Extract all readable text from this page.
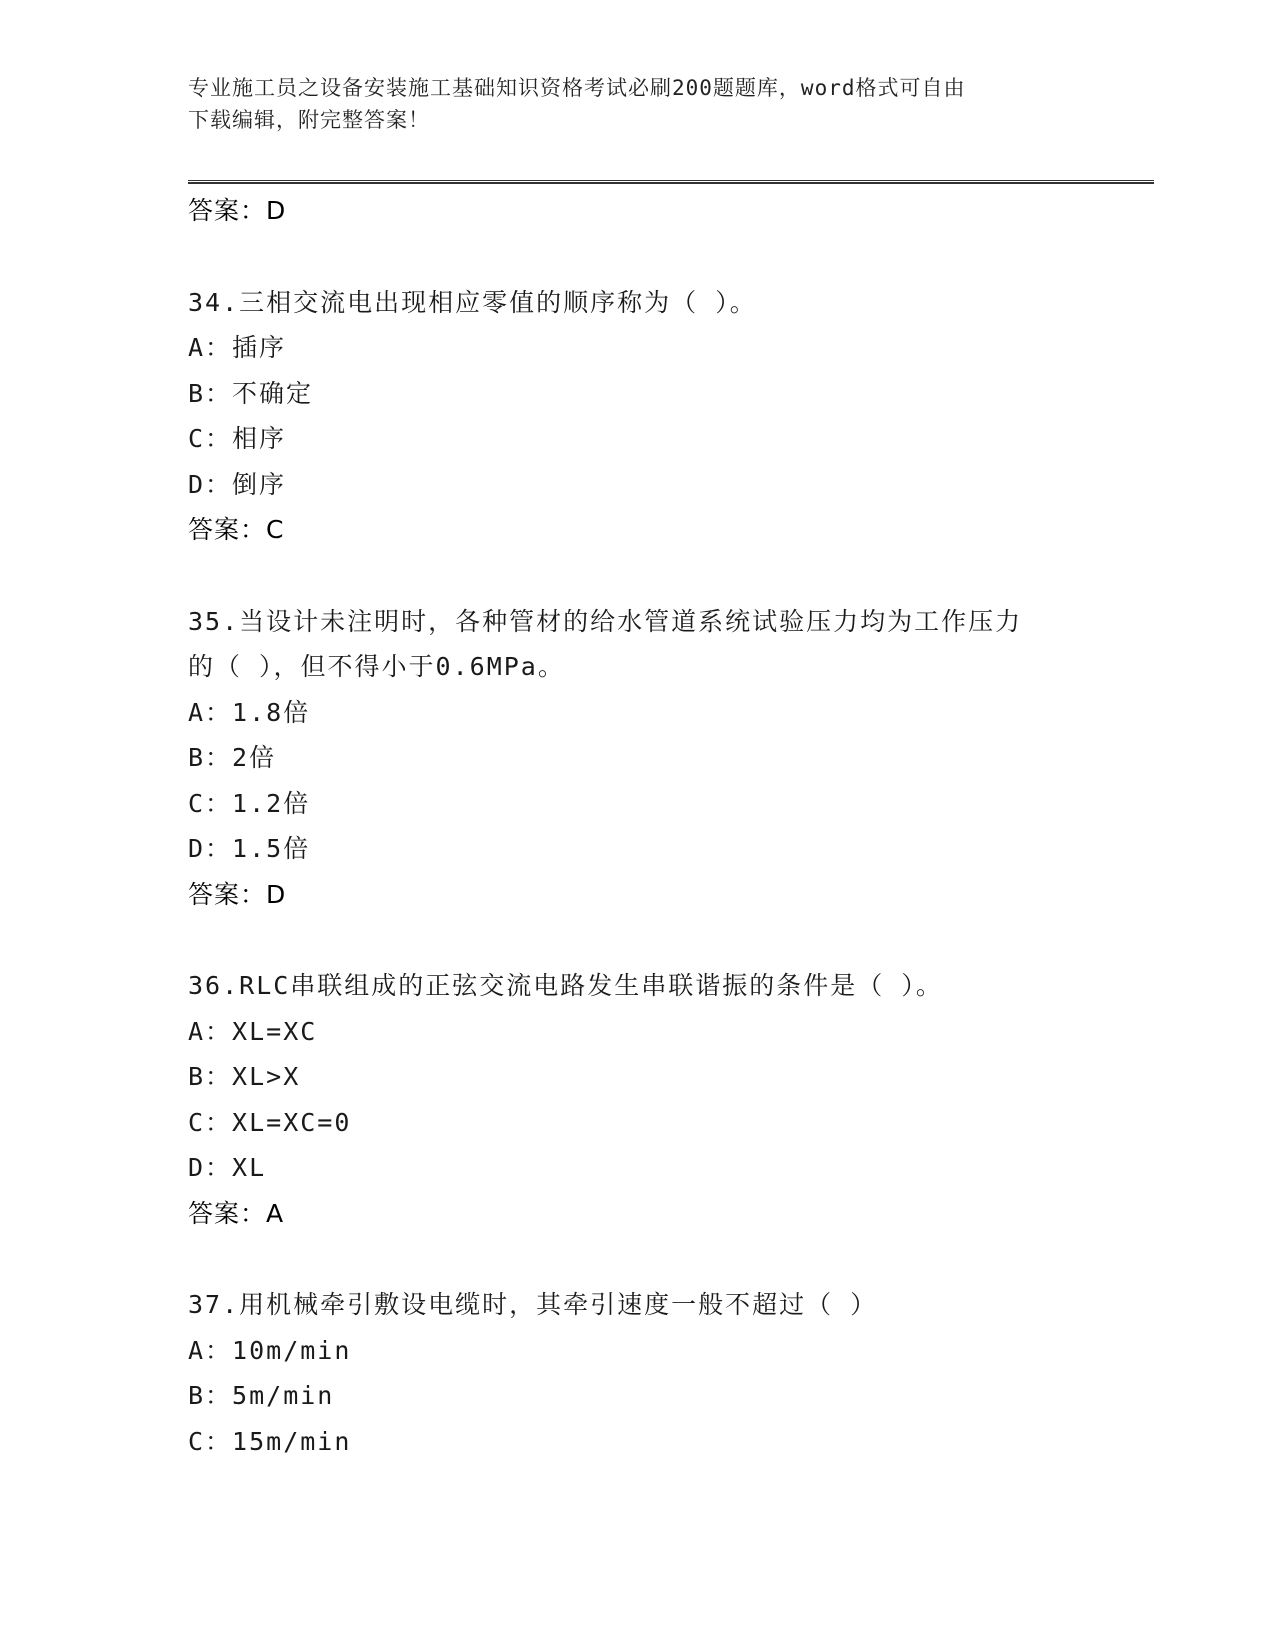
专业施工员之设备安装施工基础知识资格考试必刷200题题库，word格式可自由
下载编辑，附完整答案！
答案：D
34.三相交流电出现相应零值的顺序称为（ ）。
A：插序
B：不确定
C：相序
D：倒序
答案：C
35.当设计未注明时，各种管材的给水管道系统试验压力均为工作压力
的（ ），但不得小于0.6MPa。
A：1.8倍
B：2倍
C：1.2倍
D：1.5倍
答案：D
36.RLC串联组成的正弦交流电路发生串联谐振的条件是（ ）。
A：XL=XC
B：XL>X
C：XL=XC=0
D：XL
答案：A
37.用机械牵引敷设电缆时，其牵引速度一般不超过（ ）
A：10m/min
B：5m/min
C：15m/min
